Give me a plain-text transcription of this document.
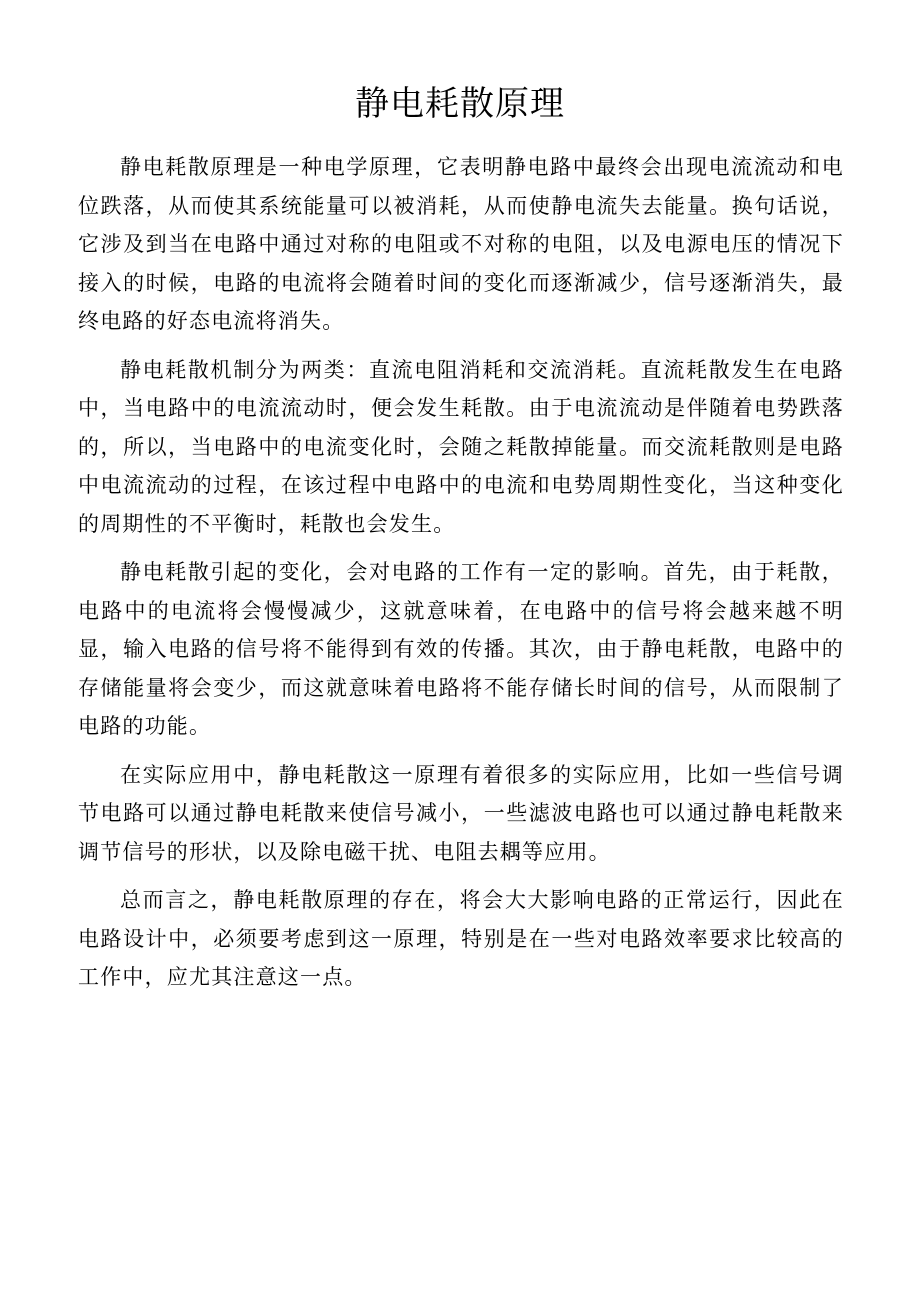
静电耗散原理

静电耗散原理是一种电学原理，它表明静电路中最终会出现电流流动和电位跌落，从而使其系统能量可以被消耗，从而使静电流失去能量。换句话说，它涉及到当在电路中通过对称的电阻或不对称的电阻，以及电源电压的情况下接入的时候，电路的电流将会随着时间的变化而逐渐减少，信号逐渐消失，最终电路的好态电流将消失。

静电耗散机制分为两类：直流电阻消耗和交流消耗。直流耗散发生在电路中，当电路中的电流流动时，便会发生耗散。由于电流流动是伴随着电势跌落的，所以，当电路中的电流变化时，会随之耗散掉能量。而交流耗散则是电路中电流流动的过程，在该过程中电路中的电流和电势周期性变化，当这种变化的周期性的不平衡时，耗散也会发生。

静电耗散引起的变化，会对电路的工作有一定的影响。首先，由于耗散，电路中的电流将会慢慢减少，这就意味着，在电路中的信号将会越来越不明显，输入电路的信号将不能得到有效的传播。其次，由于静电耗散，电路中的存储能量将会变少，而这就意味着电路将不能存储长时间的信号，从而限制了电路的功能。

在实际应用中，静电耗散这一原理有着很多的实际应用，比如一些信号调节电路可以通过静电耗散来使信号减小，一些滤波电路也可以通过静电耗散来调节信号的形状，以及除电磁干扰、电阻去耦等应用。

总而言之，静电耗散原理的存在，将会大大影响电路的正常运行，因此在电路设计中，必须要考虑到这一原理，特别是在一些对电路效率要求比较高的工作中，应尤其注意这一点。
